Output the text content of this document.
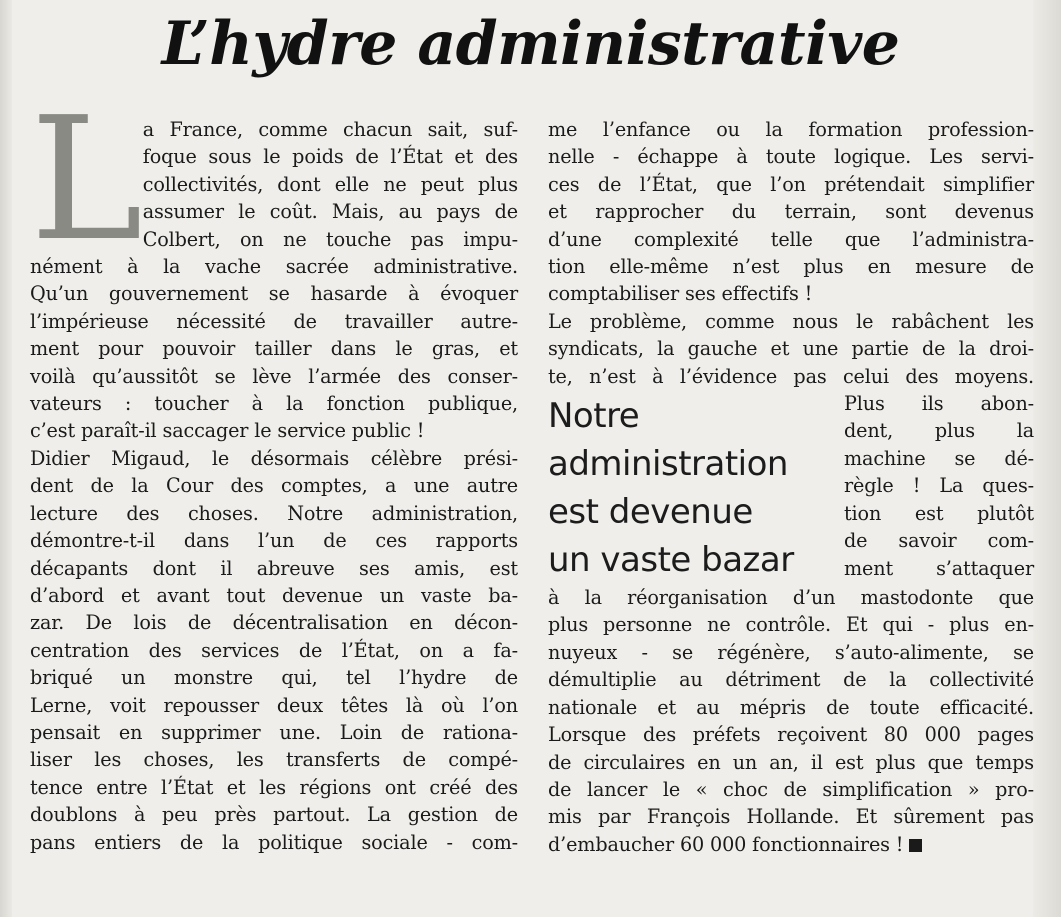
L’hydre administrative
L a France, comme chacun sait, suf-
foque sous le poids de l’État et des
collectivités, dont elle ne peut plus
assumer le coût. Mais, au pays de
Colbert, on ne touche pas impu-
nément à la vache sacrée administrative.
Qu’un gouvernement se hasarde à évoquer
l’impérieuse nécessité de travailler autre-
ment pour pouvoir tailler dans le gras, et
voilà qu’aussitôt se lève l’armée des conser-
vateurs : toucher à la fonction publique,
c’est paraît-il saccager le service public !
Didier Migaud, le désormais célèbre prési-
dent de la Cour des comptes, a une autre
lecture des choses. Notre administration,
démontre-t-il dans l’un de ces rapports
décapants dont il abreuve ses amis, est
d’abord et avant tout devenue un vaste ba-
zar. De lois de décentralisation en décon-
centration des services de l’État, on a fa-
briqué un monstre qui, tel l’hydre de
Lerne, voit repousser deux têtes là où l’on
pensait en supprimer une. Loin de rationa-
liser les choses, les transferts de compé-
tence entre l’État et les régions ont créé des
doublons à peu près partout. La gestion de
pans entiers de la politique sociale - com-
me l’enfance ou la formation profession-
nelle - échappe à toute logique. Les servi-
ces de l’État, que l’on prétendait simplifier
et rapprocher du terrain, sont devenus
d’une complexité telle que l’administra-
tion elle-même n’est plus en mesure de
comptabiliser ses effectifs !
Le problème, comme nous le rabâchent les
syndicats, la gauche et une partie de la droi-
te, n’est à l’évidence pas celui des moyens.
Notre
administration
est devenue
un vaste bazar
Plus ils abon-
dent, plus la
machine se dé-
règle ! La ques-
tion est plutôt
de savoir com-
ment s’attaquer
à la réorganisation d’un mastodonte que
plus personne ne contrôle. Et qui - plus en-
nuyeux - se régénère, s’auto-alimente, se
démultiplie au détriment de la collectivité
nationale et au mépris de toute efficacité.
Lorsque des préfets reçoivent 80 000 pages
de circulaires en un an, il est plus que temps
de lancer le « choc de simplification » pro-
mis par François Hollande. Et sûrement pas
d’embaucher 60 000 fonctionnaires !
